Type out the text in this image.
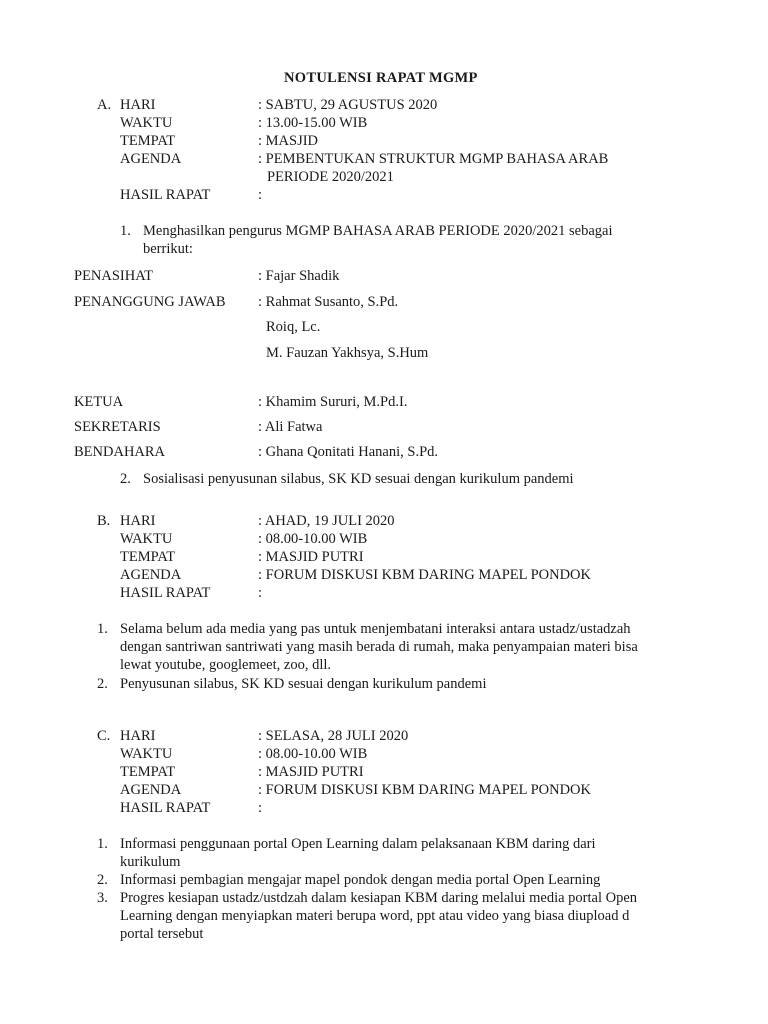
NOTULENSI RAPAT MGMP
A. HARI	: SABTU, 29 AGUSTUS 2020
WAKTU	: 13.00-15.00 WIB
TEMPAT	: MASJID
AGENDA	: PEMBENTUKAN STRUKTUR MGMP BAHASA ARAB
PERIODE 2020/2021
HASIL RAPAT	:
1. Menghasilkan pengurus MGMP BAHASA ARAB PERIODE 2020/2021 sebagai
berrikut:
PENASIHAT	: Fajar Shadik
PENANGGUNG JAWAB : Rahmat Susanto, S.Pd.
Roiq, Lc.
M. Fauzan Yakhsya, S.Hum
KETUA	: Khamim Sururi, M.Pd.I.
SEKRETARIS	: Ali Fatwa
BENDAHARA	: Ghana Qonitati Hanani, S.Pd.
2. Sosialisasi penyusunan silabus, SK KD sesuai dengan kurikulum pandemi
B. HARI	: AHAD, 19 JULI 2020
WAKTU	: 08.00-10.00 WIB
TEMPAT	: MASJID PUTRI
AGENDA	: FORUM DISKUSI KBM DARING MAPEL PONDOK
HASIL RAPAT	:
1. Selama belum ada media yang pas untuk menjembatani interaksi antara ustadz/ustadzah
dengan santriwan santriwati yang masih berada di rumah, maka penyampaian materi bisa
lewat youtube, googlemeet, zoo, dll.
2. Penyusunan silabus, SK KD sesuai dengan kurikulum pandemi
C. HARI	: SELASA, 28 JULI 2020
WAKTU	: 08.00-10.00 WIB
TEMPAT	: MASJID PUTRI
AGENDA	: FORUM DISKUSI KBM DARING MAPEL PONDOK
HASIL RAPAT	:
1. Informasi penggunaan portal Open Learning dalam pelaksanaan KBM daring dari
kurikulum
2. Informasi pembagian mengajar mapel pondok dengan media portal Open Learning
3. Progres kesiapan ustadz/ustdzah dalam kesiapan KBM daring melalui media portal Open
Learning dengan menyiapkan materi berupa word, ppt atau video yang biasa diupload d
portal tersebut
